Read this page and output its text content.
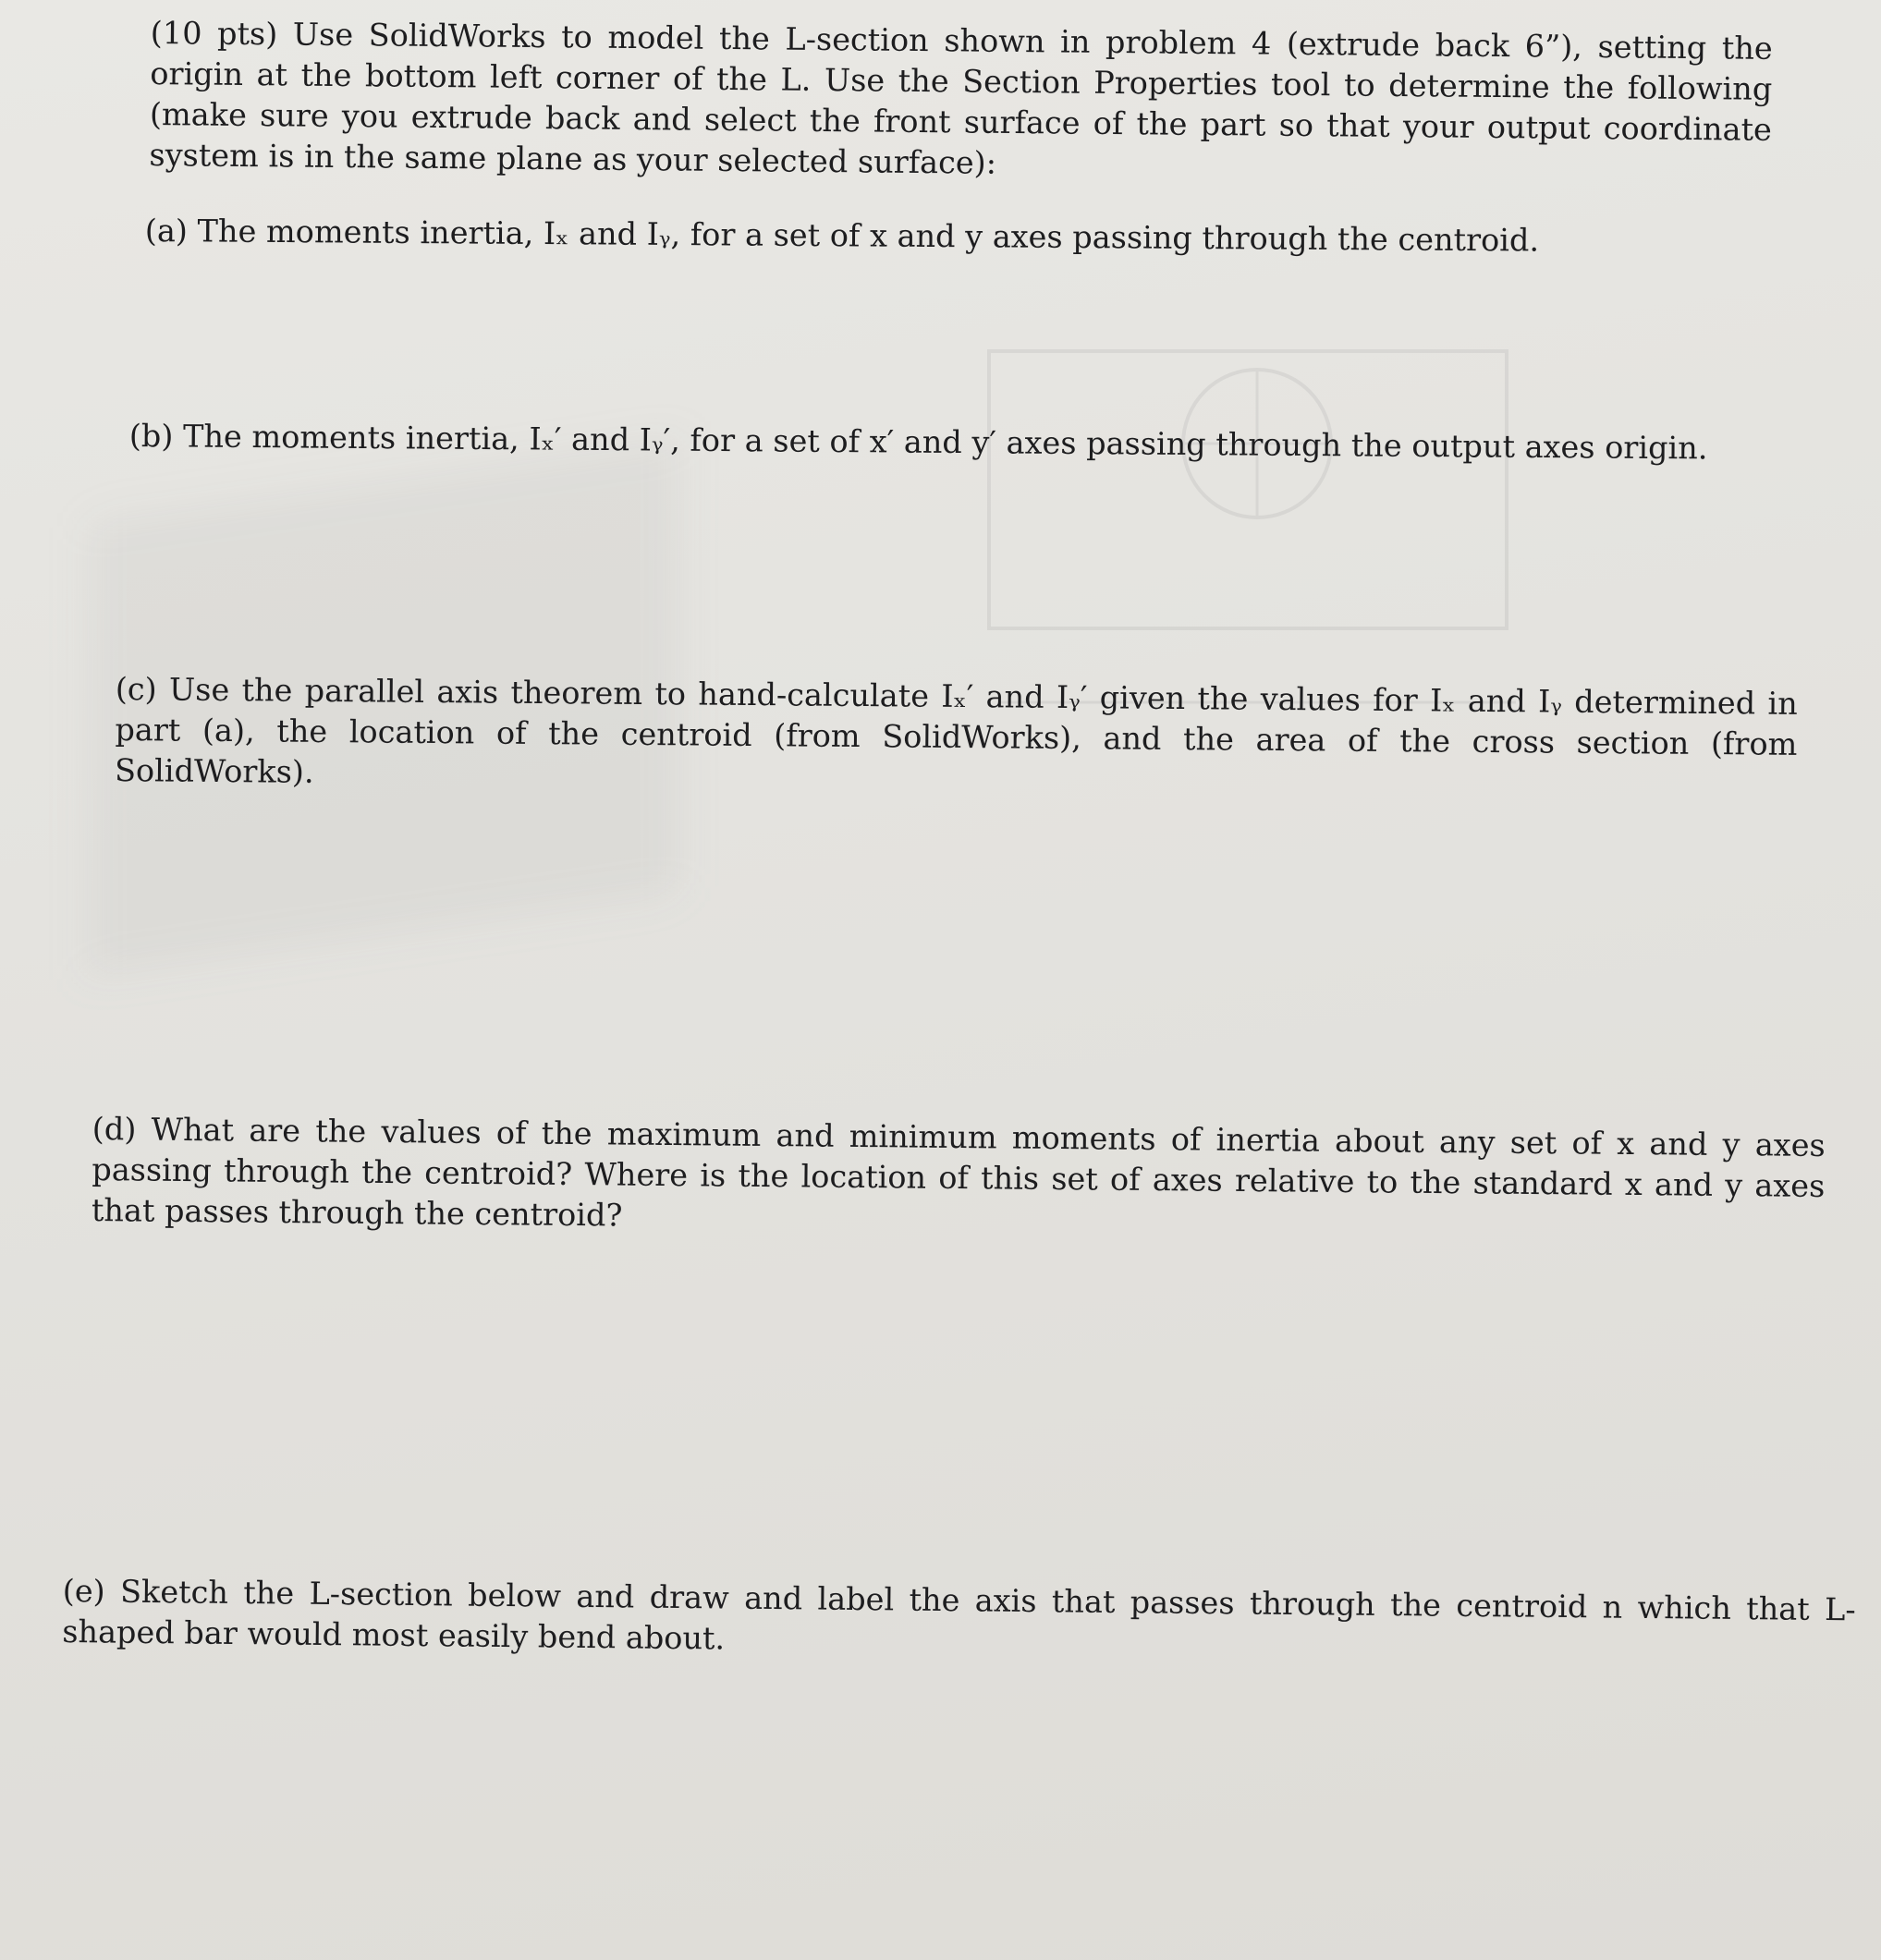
(10 pts) Use SolidWorks to model the L-section shown in problem 4 (extrude back 6”), setting the origin at the bottom left corner of the L. Use the Section Properties tool to determine the following (make sure you extrude back and select the front surface of the part so that your output coordinate system is in the same plane as your selected surface):

(a) The moments inertia, Iₓ and Iᵧ, for a set of x and y axes passing through the centroid.

(b) The moments inertia, Iₓ′ and Iᵧ′, for a set of x′ and y′ axes passing through the output axes origin.

(c) Use the parallel axis theorem to hand-calculate Iₓ′ and Iᵧ′ given the values for Iₓ and Iᵧ determined in part (a), the location of the centroid (from SolidWorks), and the area of the cross section (from SolidWorks).

(d) What are the values of the maximum and minimum moments of inertia about any set of x and y axes passing through the centroid? Where is the location of this set of axes relative to the standard x and y axes that passes through the centroid?

(e) Sketch the L-section below and draw and label the axis that passes through the centroid n which that L-shaped bar would most easily bend about.
